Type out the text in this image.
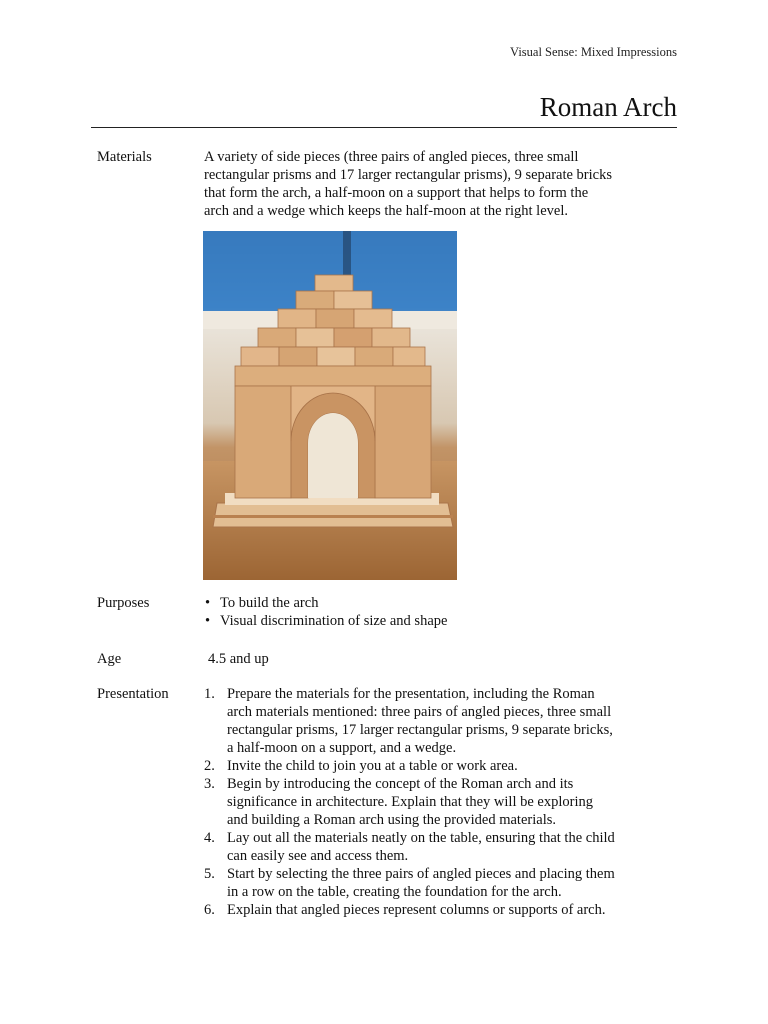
Visual Sense: Mixed Impressions
Roman Arch
Materials	A variety of side pieces (three pairs of angled pieces, three small
rectangular prisms and 17 larger rectangular prisms), 9 separate bricks
that form the arch, a half-moon on a support that helps to form the
arch and a wedge which keeps the half-moon at the right level.
Purposes
•	To build the arch
• Visual discrimination of size and shape
Age	4.5 and up
Presentation	1. Prepare the materials for the presentation, including the Roman
arch materials mentioned: three pairs of angled pieces, three small
rectangular prisms, 17 larger rectangular prisms, 9 separate bricks,
a half-moon on a support, and a wedge.
2. Invite the child to join you at a table or work area.
3. Begin by introducing the concept of the Roman arch and its
significance in architecture. Explain that they will be exploring
and building a Roman arch using the provided materials.
4. Lay out all the materials neatly on the table, ensuring that the child
can easily see and access them.
5. Start by selecting the three pairs of angled pieces and placing them
in a row on the table, creating the foundation for the arch.
6. Explain that angled pieces represent columns or supports of arch.
